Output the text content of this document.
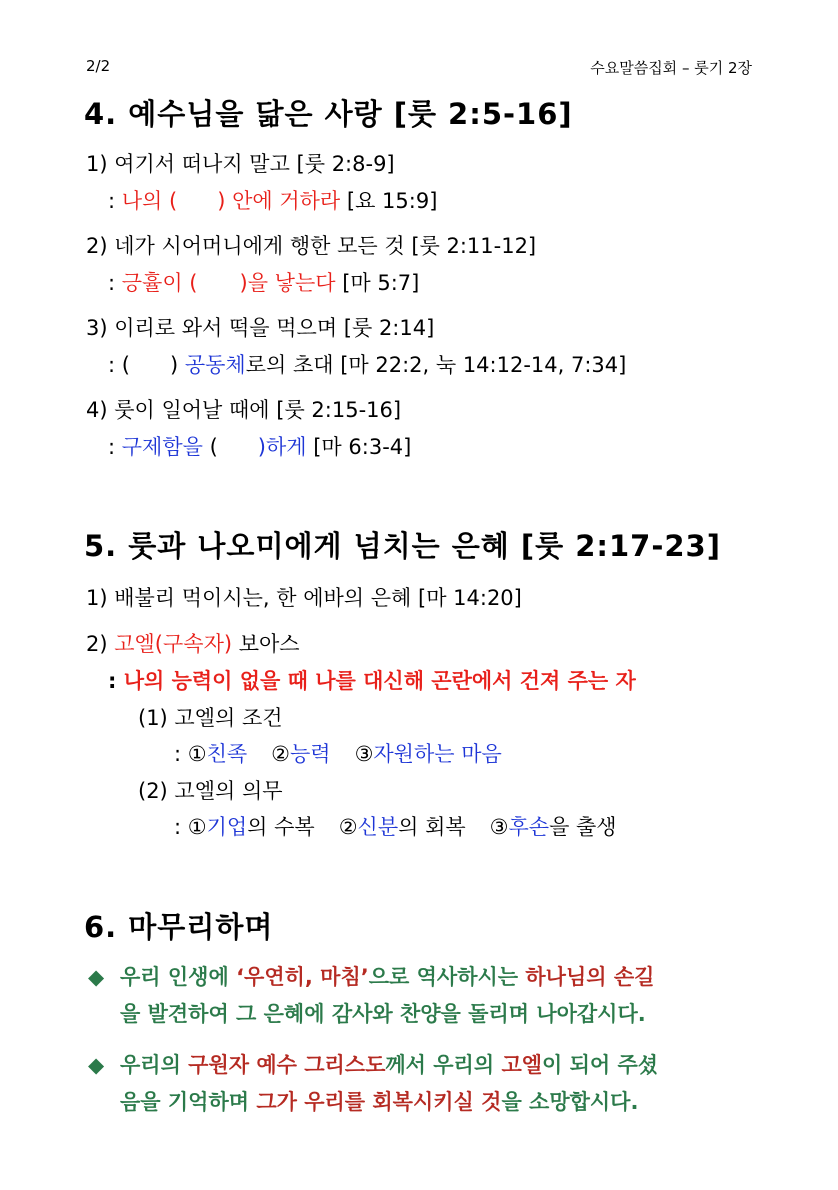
2/2	수요말씀집회 – 룻기 2장
4. 예수님을 닮은 사랑 [룻 2:5-16]
1) 여기서 떠나지 말고 [룻 2:8-9]
: 나의 ( ) 안에 거하라 [요 15:9]
2) 네가 시어머니에게 행한 모든 것 [룻 2:11-12]
: 긍휼이 ( )을 낳는다 [마 5:7]
3) 이리로 와서 떡을 먹으며 [룻 2:14]
: ( ) 공동체로의 초대 [마 22:2, 눅 14:12-14, 7:34]
4) 룻이 일어날 때에 [룻 2:15-16]
: 구제함을 ( )하게 [마 6:3-4]
5. 룻과 나오미에게 넘치는 은혜 [룻 2:17-23]
1) 배불리 먹이시는, 한 에바의 은혜 [마 14:20]
2) 고엘(구속자) 보아스
: 나의 능력이 없을 때 나를 대신해 곤란에서 건져 주는 자
(1) 고엘의 조건
: ①친족 ②능력 ③자원하는 마음
(2) 고엘의 의무
: ①기업의 수복 ②신분의 회복 ③후손을 출생
6. 마무리하며
◆ 우리 인생에 ‘우연히, 마침’으로 역사하시는 하나님의 손길
을 발견하여 그 은혜에 감사와 찬양을 돌리며 나아갑시다.
◆ 우리의 구원자 예수 그리스도께서 우리의 고엘이 되어 주셨
음을 기억하며 그가 우리를 회복시키실 것을 소망합시다.
